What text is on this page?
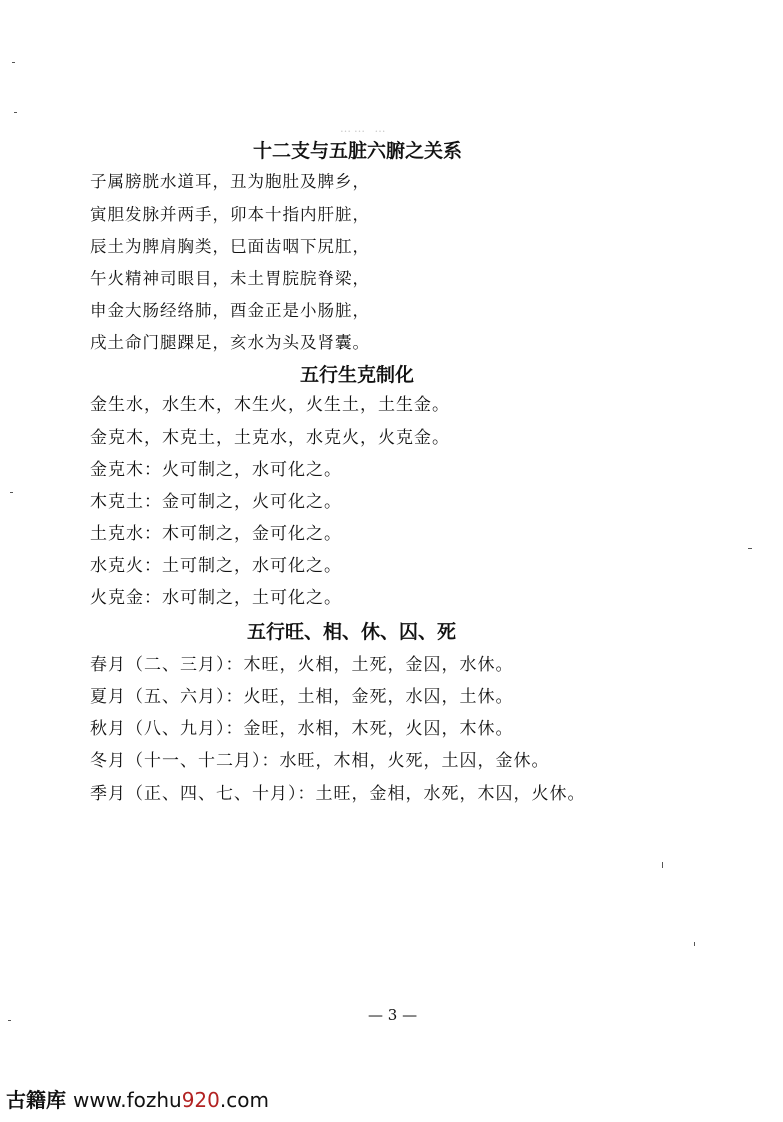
…… …
十二支与五脏六腑之关系
子属膀胱水道耳，丑为胞肚及脾乡，
寅胆发脉并两手，卯本十指内肝脏，
辰土为脾肩胸类，巳面齿咽下尻肛，
午火精神司眼目，未土胃脘脘脊梁，
申金大肠经络肺，酉金正是小肠脏，
戌土命门腿踝足，亥水为头及肾囊。
五行生克制化
金生水，水生木，木生火，火生土，土生金。
金克木，木克土，土克水，水克火，火克金。
金克木：火可制之，水可化之。
木克土：金可制之，火可化之。
土克水：木可制之，金可化之。
水克火：土可制之，水可化之。
火克金：水可制之，土可化之。
五行旺、相、休、囚、死
春月（二、三月）：木旺，火相，土死，金囚，水休。
夏月（五、六月）：火旺，土相，金死，水囚，土休。
秋月（八、九月）：金旺，水相，木死，火囚，木休。
冬月（十一、十二月）：水旺，木相，火死，土囚，金休。
季月（正、四、七、十月）：土旺，金相，水死，木囚，火休。
— 3 —
古籍库 www.fozhu920.com
